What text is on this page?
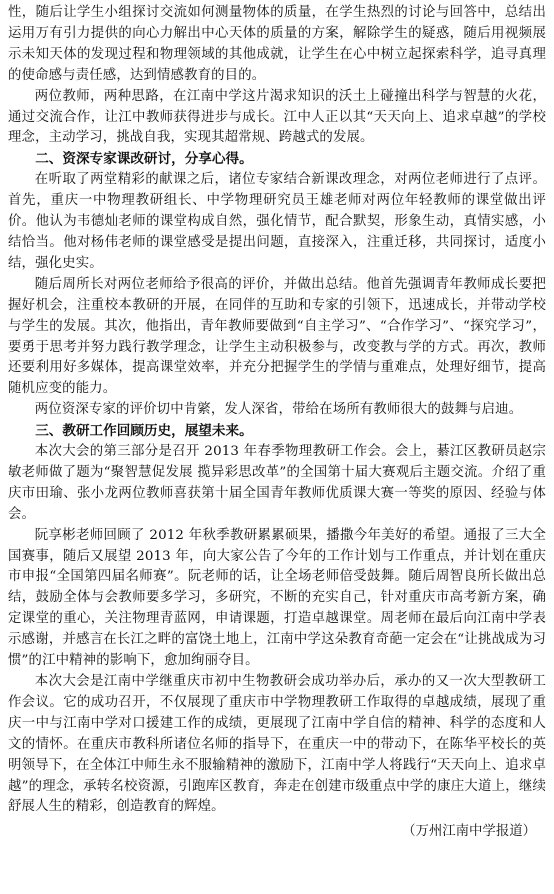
性，随后让学生小组探讨交流如何测量物体的质量，在学生热烈的讨论与回答中，总结出运用万有引力提供的向心力解出中心天体的质量的方案，解除学生的疑惑，随后用视频展示未知天体的发现过程和物理领域的其他成就，让学生在心中树立起探索科学，追寻真理的使命感与责任感，达到情感教育的目的。

两位教师，两种思路，在江南中学这片渴求知识的沃土上碰撞出科学与智慧的火花，通过交流合作，让江中教师获得进步与成长。江中人正以其“天天向上、追求卓越”的学校理念，主动学习，挑战自我，实现其超常规、跨越式的发展。

二、资深专家课改研讨，分享心得。

在听取了两堂精彩的献课之后，诸位专家结合新课改理念，对两位老师进行了点评。首先，重庆一中物理教研组长、中学物理研究员王雄老师对两位年轻教师的课堂做出评价。他认为韦德灿老师的课堂构成自然，强化情节，配合默契，形象生动，真情实感，小结恰当。他对杨伟老师的课堂感受是提出问题，直接深入，注重迁移，共同探讨，适度小结，强化史实。

随后周所长对两位老师给予很高的评价，并做出总结。他首先强调青年教师成长要把握好机会，注重校本教研的开展，在同伴的互助和专家的引领下，迅速成长，并带动学校与学生的发展。其次，他指出，青年教师要做到“自主学习”、“合作学习”、“探究学习”，要勇于思考并努力践行教学理念，让学生主动积极参与，改变教与学的方式。再次，教师还要利用好多媒体，提高课堂效率，并充分把握学生的学情与重难点，处理好细节，提高随机应变的能力。

两位资深专家的评价切中肯綮，发人深省，带给在场所有教师很大的鼓舞与启迪。

三、教研工作回顾历史，展望未来。

本次大会的第三部分是召开 2013 年春季物理教研工作会。会上，綦江区教研员赵宗敏老师做了题为“聚智慧促发展 揽异彩思改革”的全国第十届大赛观后主题交流。介绍了重庆市田瑜、张小龙两位教师喜获第十届全国青年教师优质课大赛一等奖的原因、经验与体会。

阮享彬老师回顾了 2012 年秋季教研累累硕果，播撒今年美好的希望。通报了三大全国赛事，随后又展望 2013 年，向大家公告了今年的工作计划与工作重点，并计划在重庆市申报“全国第四届名师赛”。阮老师的话，让全场老师倍受鼓舞。随后周智良所长做出总结，鼓励全体与会教师要多学习，多研究，不断的充实自己，针对重庆市高考新方案，确定课堂的重心，关注物理青蓝网，申请课题，打造卓越课堂。周老师在最后向江南中学表示感谢，并感言在长江之畔的富饶土地上，江南中学这朵教育奇葩一定会在“让挑战成为习惯”的江中精神的影响下，愈加绚丽夺目。

本次大会是江南中学继重庆市初中生物教研会成功举办后，承办的又一次大型教研工作会议。它的成功召开，不仅展现了重庆市中学物理教研工作取得的卓越成绩，展现了重庆一中与江南中学对口援建工作的成绩，更展现了江南中学自信的精神、科学的态度和人文的情怀。在重庆市教科所诸位名师的指导下，在重庆一中的带动下，在陈华平校长的英明领导下，在全体江中师生永不服输精神的激励下，江南中学人将践行“天天向上、追求卓越”的理念，承转名校资源，引跑库区教育，奔走在创建市级重点中学的康庄大道上，继续舒展人生的精彩，创造教育的辉煌。

（万州江南中学报道）
